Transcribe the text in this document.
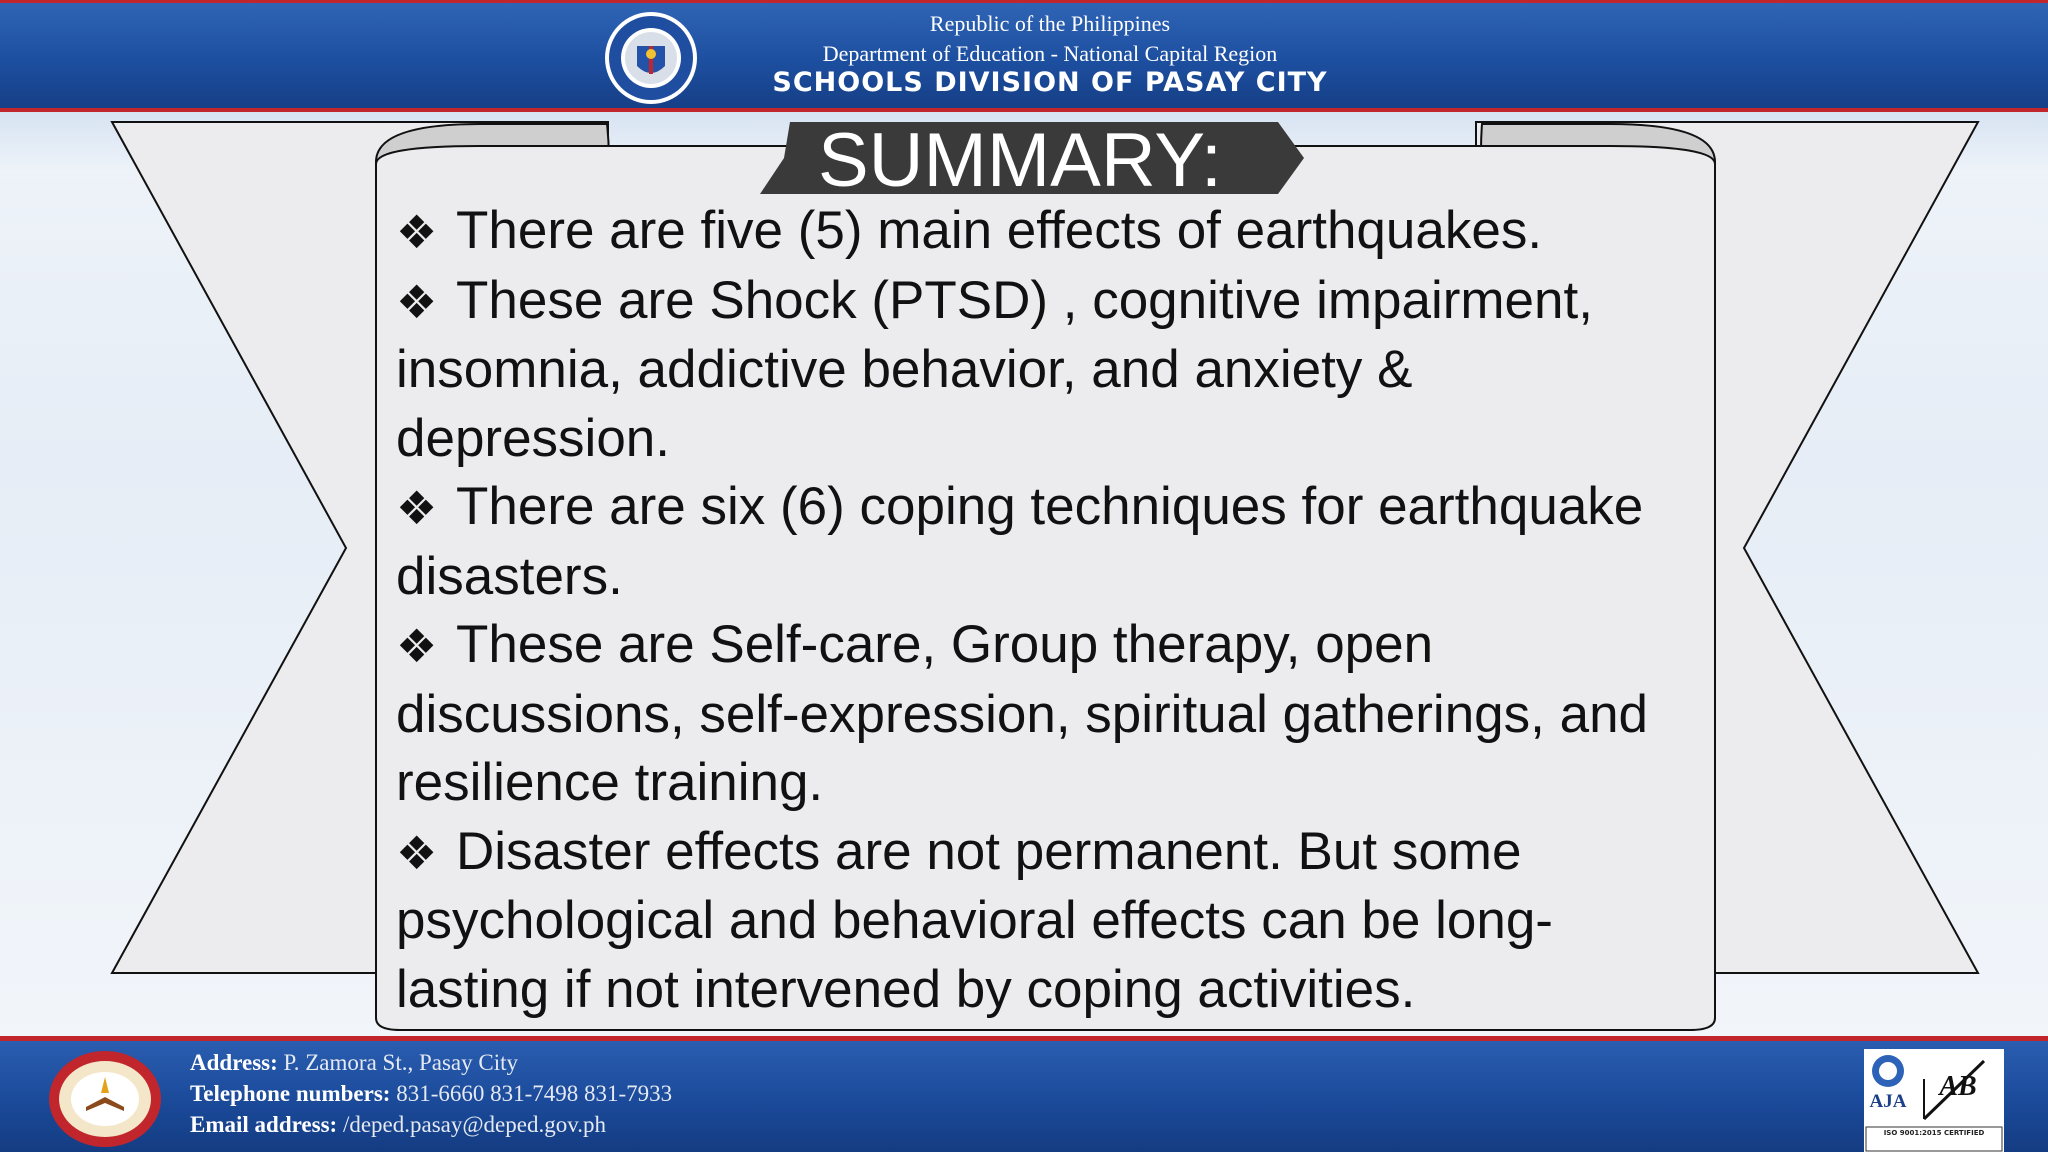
Republic of the Philippines
Department of Education - National Capital Region
SCHOOLS DIVISION OF PASAY CITY
SUMMARY:

❖ There are five (5) main effects of earthquakes.

❖ These are Shock (PTSD) , cognitive impairment, insomnia, addictive behavior, and anxiety & depression.

❖ There are six (6) coping techniques for earthquake disasters.

❖ These are Self-care, Group therapy, open discussions, self-expression, spiritual gatherings, and resilience training.

❖ Disaster effects are not permanent. But some psychological and behavioral effects can be long-lasting if not intervened by coping activities.

Address: P. Zamora St., Pasay City
Telephone numbers: 831-6660 831-7498 831-7933
Email address: /deped.pasay@deped.gov.ph
AJA	AB
ISO 9001:2015 CERTIFIED
